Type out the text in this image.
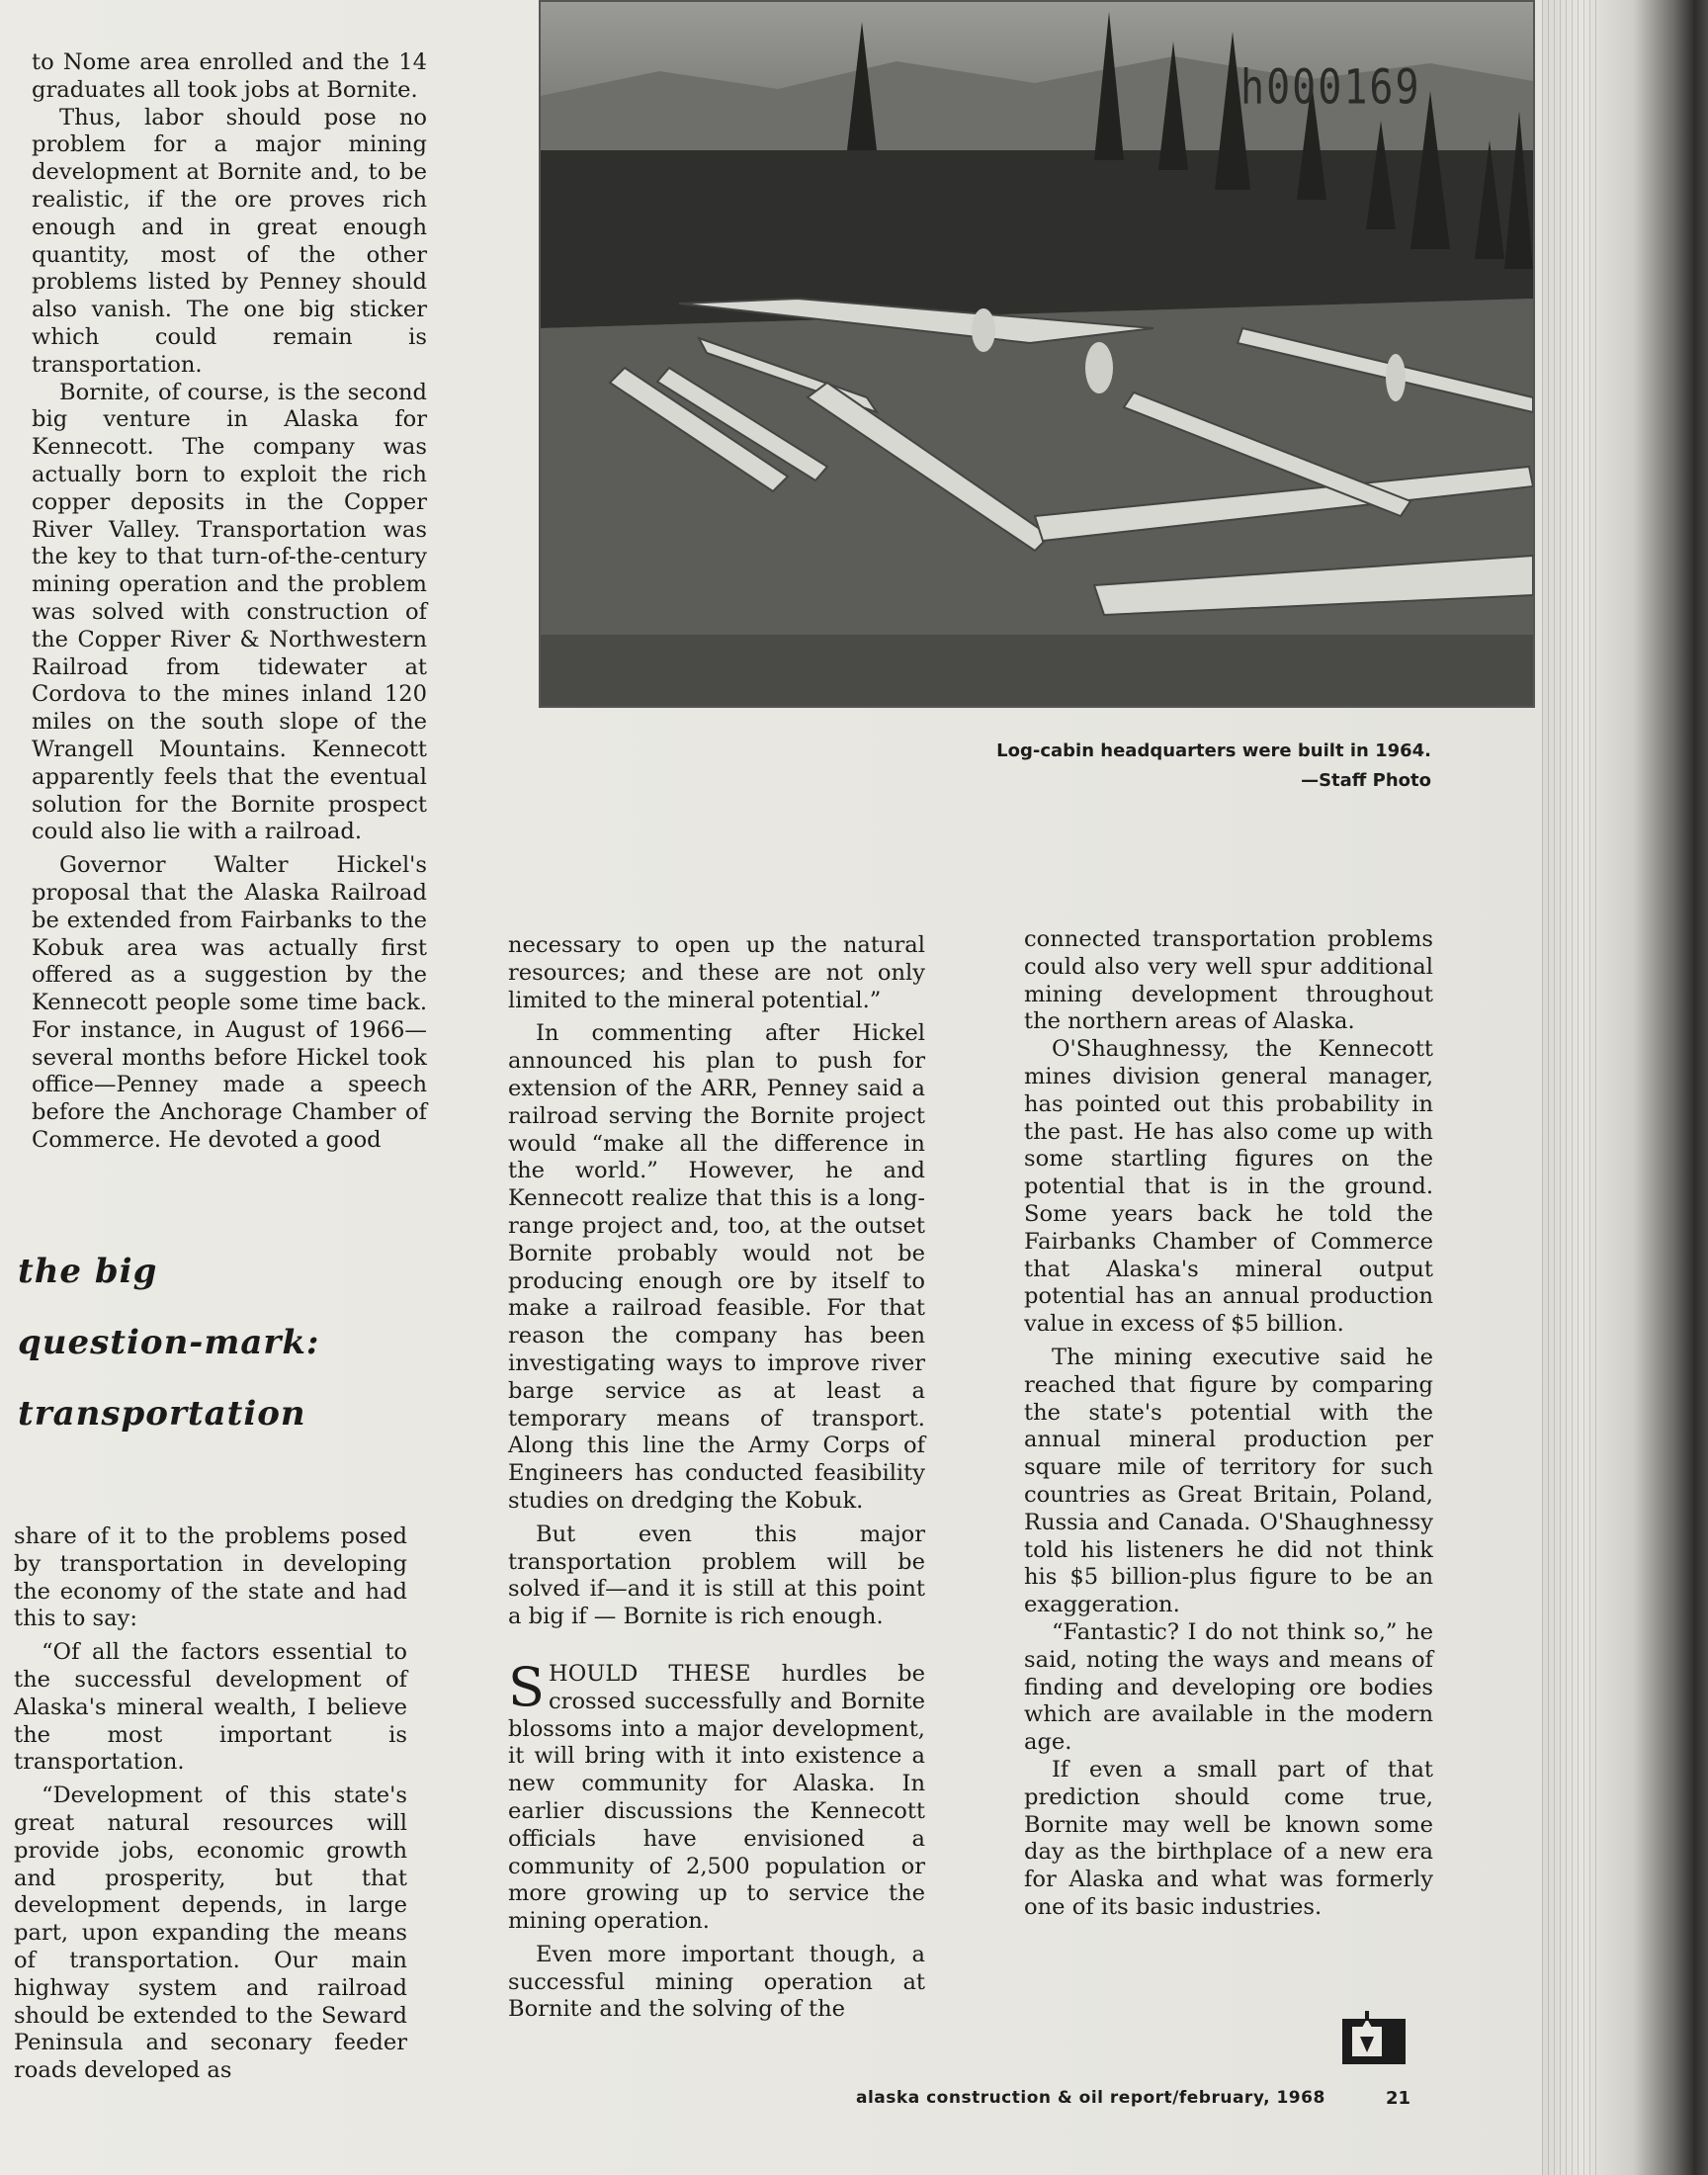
h000169
Log-cabin headquarters were built in 1964.
—Staff Photo

to Nome area enrolled and the 14 graduates all took jobs at Bornite.

Thus, labor should pose no problem for a major mining development at Bornite and, to be realistic, if the ore proves rich enough and in great enough quantity, most of the other problems listed by Penney should also vanish. The one big sticker which could remain is transportation.

Bornite, of course, is the second big venture in Alaska for Kennecott. The company was actually born to exploit the rich copper deposits in the Copper River Valley. Transportation was the key to that turn-of-the-century mining operation and the problem was solved with construction of the Copper River & Northwestern Railroad from tidewater at Cordova to the mines inland 120 miles on the south slope of the Wrangell Mountains. Kennecott apparently feels that the eventual solution for the Bornite prospect could also lie with a railroad.

Governor Walter Hickel's proposal that the Alaska Railroad be extended from Fairbanks to the Kobuk area was actually first offered as a suggestion by the Kennecott people some time back. For instance, in August of 1966—several months before Hickel took office—Penney made a speech before the Anchorage Chamber of Commerce. He devoted a good

the big
question-mark:
transportation

share of it to the problems posed by transportation in developing the economy of the state and had this to say:

“Of all the factors essential to the successful development of Alaska's mineral wealth, I believe the most important is transportation.

“Development of this state's great natural resources will provide jobs, economic growth and prosperity, but that development depends, in large part, upon expanding the means of transportation. Our main highway system and railroad should be extended to the Seward Peninsula and seconary feeder roads developed as

necessary to open up the natural resources; and these are not only limited to the mineral potential.”

In commenting after Hickel announced his plan to push for extension of the ARR, Penney said a railroad serving the Bornite project would “make all the difference in the world.” However, he and Kennecott realize that this is a long-range project and, too, at the outset Bornite probably would not be producing enough ore by itself to make a railroad feasible. For that reason the company has been investigating ways to improve river barge service as at least a temporary means of transport. Along this line the Army Corps of Engineers has conducted feasibility studies on dredging the Kobuk.

But even this major transportation problem will be solved if—and it is still at this point a big if — Bornite is rich enough.

SHOULD THESE hurdles be crossed successfully and Bornite blossoms into a major development, it will bring with it into existence a new community for Alaska. In earlier discussions the Kennecott officials have envisioned a community of 2,500 population or more growing up to service the mining operation.

Even more important though, a successful mining operation at Bornite and the solving of the

connected transportation problems could also very well spur additional mining development throughout the northern areas of Alaska.

O'Shaughnessy, the Kennecott mines division general manager, has pointed out this probability in the past. He has also come up with some startling figures on the potential that is in the ground. Some years back he told the Fairbanks Chamber of Commerce that Alaska's mineral output potential has an annual production value in excess of $5 billion.

The mining executive said he reached that figure by comparing the state's potential with the annual mineral production per square mile of territory for such countries as Great Britain, Poland, Russia and Canada. O'Shaughnessy told his listeners he did not think his $5 billion-plus figure to be an exaggeration.

“Fantastic? I do not think so,” he said, noting the ways and means of finding and developing ore bodies which are available in the modern age.

If even a small part of that prediction should come true, Bornite may well be known some day as the birthplace of a new era for Alaska and what was formerly one of its basic industries.

alaska construction & oil report/february, 1968	21
